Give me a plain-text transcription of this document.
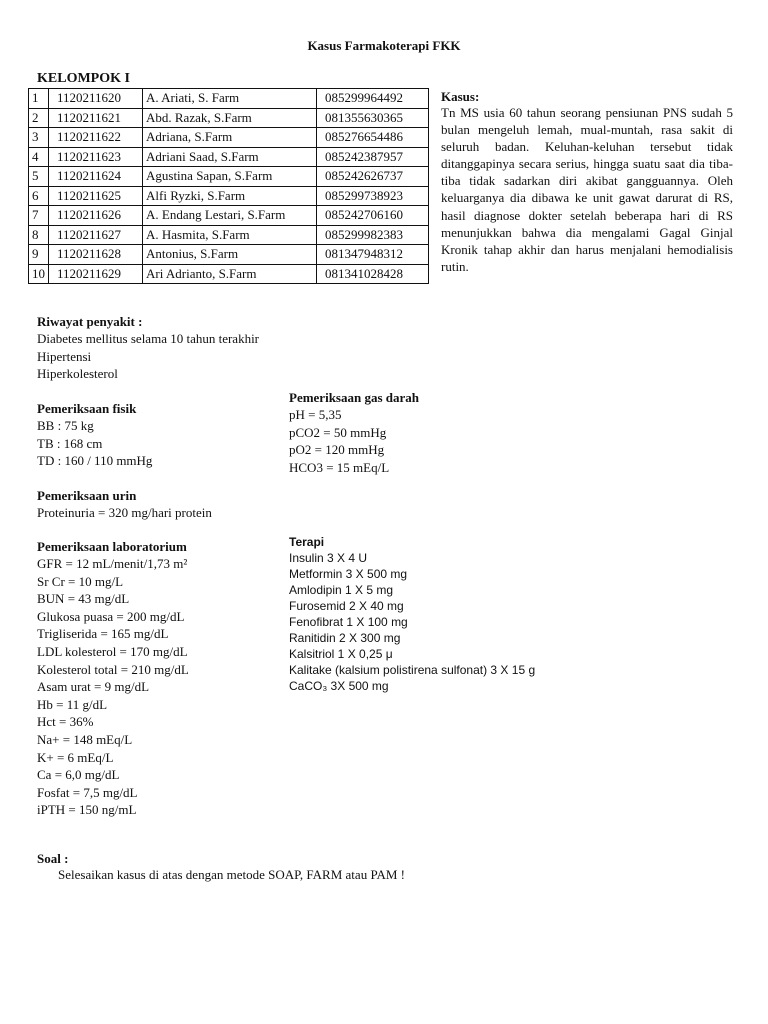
Kasus Farmakoterapi FKK
KELOMPOK I
1	1120211620	A. Ariati, S. Farm	085299964492
2	1120211621	Abd. Razak, S.Farm	081355630365
3	1120211622	Adriana, S.Farm	085276654486
4	1120211623	Adriani Saad, S.Farm	085242387957
5	1120211624	Agustina Sapan, S.Farm	085242626737
6	1120211625	Alfi Ryzki, S.Farm	085299738923
7	1120211626	A. Endang Lestari, S.Farm	085242706160
8	1120211627	A. Hasmita, S.Farm	085299982383
9	1120211628	Antonius, S.Farm	081347948312
10	1120211629	Ari Adrianto, S.Farm	081341028428
Kasus:
Tn MS usia 60 tahun seorang pensiunan PNS sudah 5 bulan mengeluh lemah, mual-muntah, rasa sakit di seluruh badan. Keluhan-keluhan tersebut tidak ditanggapinya secara serius, hingga suatu saat dia tiba-tiba tidak sadarkan diri akibat gangguannya. Oleh keluarganya dia dibawa ke unit gawat darurat di RS, hasil diagnose dokter setelah beberapa hari di RS menunjukkan bahwa dia mengalami Gagal Ginjal Kronik tahap akhir dan harus menjalani hemodialisis rutin.
Riwayat penyakit :
Diabetes mellitus selama 10 tahun terakhir
Hipertensi
Hiperkolesterol
Pemeriksaan fisik
BB : 75 kg
TB : 168 cm
TD : 160 / 110 mmHg
Pemeriksaan gas darah
pH = 5,35
pCO2 = 50 mmHg
pO2 = 120 mmHg
HCO3 = 15 mEq/L
Pemeriksaan urin
Proteinuria = 320 mg/hari protein
Pemeriksaan laboratorium
GFR = 12 mL/menit/1,73 m²
Sr Cr = 10 mg/L
BUN = 43 mg/dL
Glukosa puasa = 200 mg/dL
Trigliserida = 165 mg/dL
LDL kolesterol = 170 mg/dL
Kolesterol total = 210 mg/dL
Asam urat = 9 mg/dL
Hb = 11 g/dL
Hct = 36%
Na+ = 148 mEq/L
K+ = 6 mEq/L
Ca = 6,0 mg/dL
Fosfat = 7,5 mg/dL
iPTH = 150 ng/mL
Terapi
Insulin 3 X 4 U
Metformin 3 X 500 mg
Amlodipin 1 X 5 mg
Furosemid 2 X 40 mg
Fenofibrat 1 X 100 mg
Ranitidin 2 X 300 mg
Kalsitriol 1 X 0,25 μ
Kalitake (kalsium polistirena sulfonat) 3 X 15 g
CaCO₃ 3X 500 mg
Soal :
Selesaikan kasus di atas dengan metode SOAP, FARM atau PAM !
